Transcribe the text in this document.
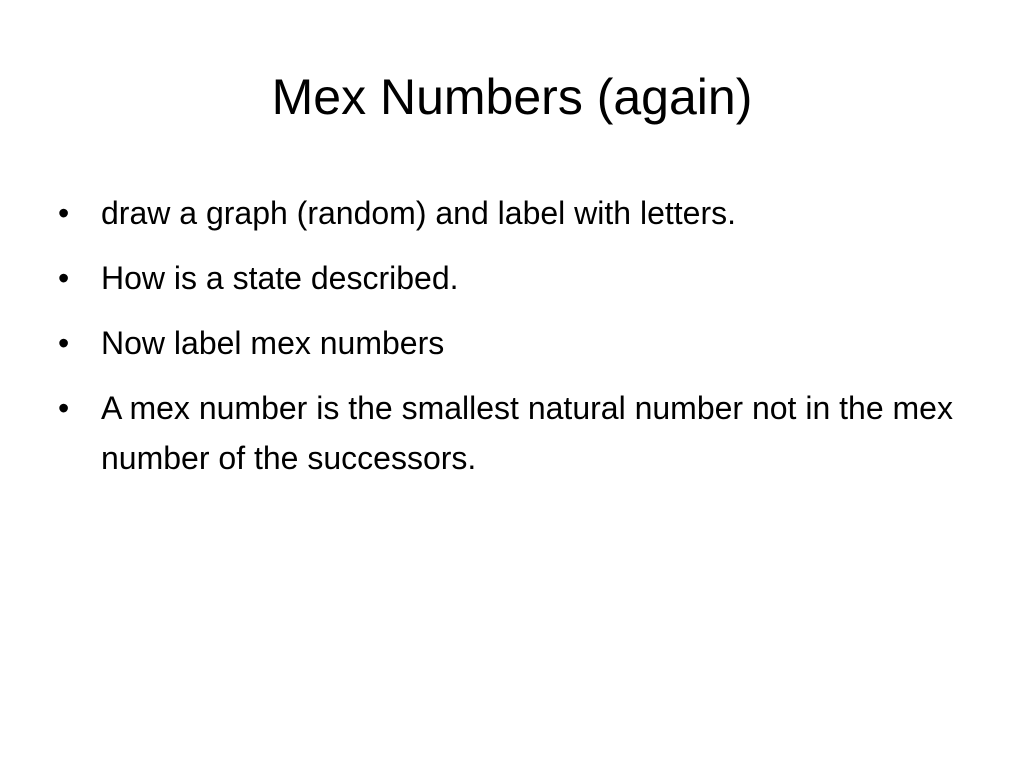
Mex Numbers (again)
• draw a graph (random) and label with letters.
• How is a state described.
• Now label mex numbers
• A mex number is the smallest natural number not in the mex number of the successors.
